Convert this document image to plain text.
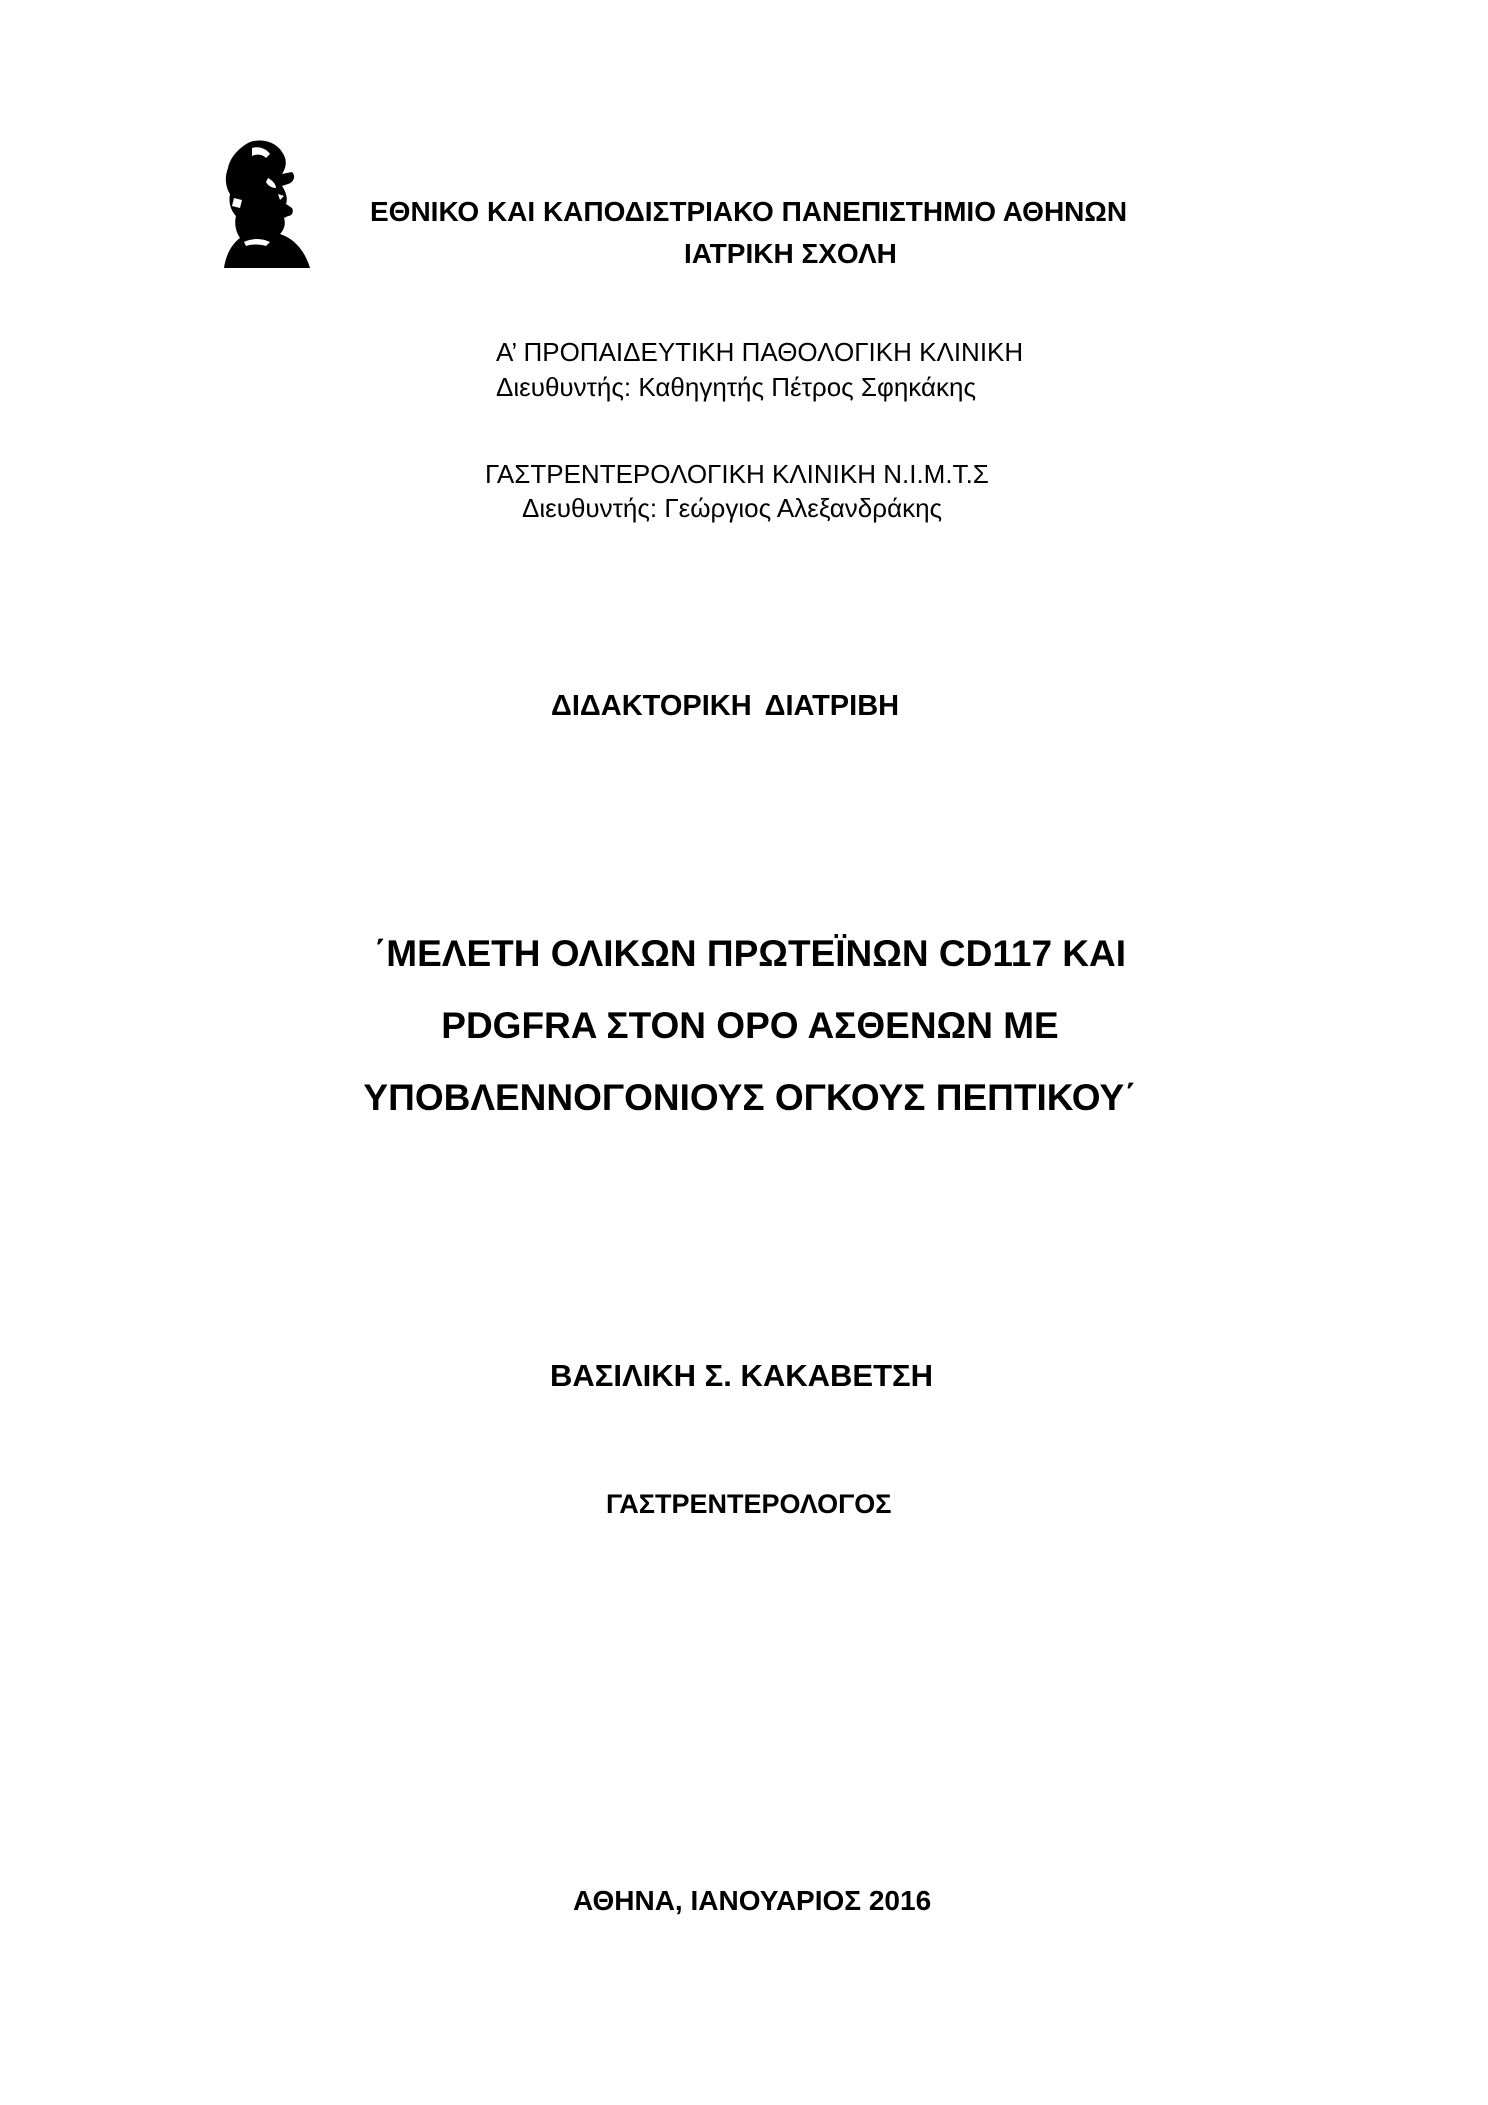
ΕΘΝΙΚΟ ΚΑΙ ΚΑΠΟΔΙΣΤΡΙΑΚΟ ΠΑΝΕΠΙΣΤΗΜΙΟ ΑΘΗΝΩΝ

ΙΑΤΡΙΚΗ ΣΧΟΛΗ

Α’ ΠΡΟΠΑΙΔΕΥΤΙΚΗ ΠΑΘΟΛΟΓΙΚΗ ΚΛΙΝΙΚΗ

Διευθυντής: Καθηγητής Πέτρος Σφηκάκης

ΓΑΣΤΡΕΝΤΕΡΟΛΟΓΙΚΗ ΚΛΙΝΙΚΗ Ν.Ι.Μ.Τ.Σ

Διευθυντής: Γεώργιος Αλεξανδράκης

ΔΙΔΑΚΤΟΡΙΚΗ ΔΙΑΤΡΙΒΗ

΄ΜΕΛΕΤΗ ΟΛΙΚΩΝ ΠΡΩΤΕΪΝΩΝ CD117 ΚΑΙ
PDGFRA ΣΤΟΝ ΟΡΟ ΑΣΘΕΝΩΝ ΜΕ
ΥΠΟΒΛΕΝΝΟΓΟΝΙΟΥΣ ΟΓΚΟΥΣ ΠΕΠΤΙΚΟΥ΄

ΒΑΣΙΛΙΚΗ Σ. ΚΑΚΑΒΕΤΣΗ

ΓΑΣΤΡΕΝΤΕΡΟΛΟΓΟΣ

ΑΘΗΝΑ, ΙΑΝΟΥΑΡΙΟΣ 2016
